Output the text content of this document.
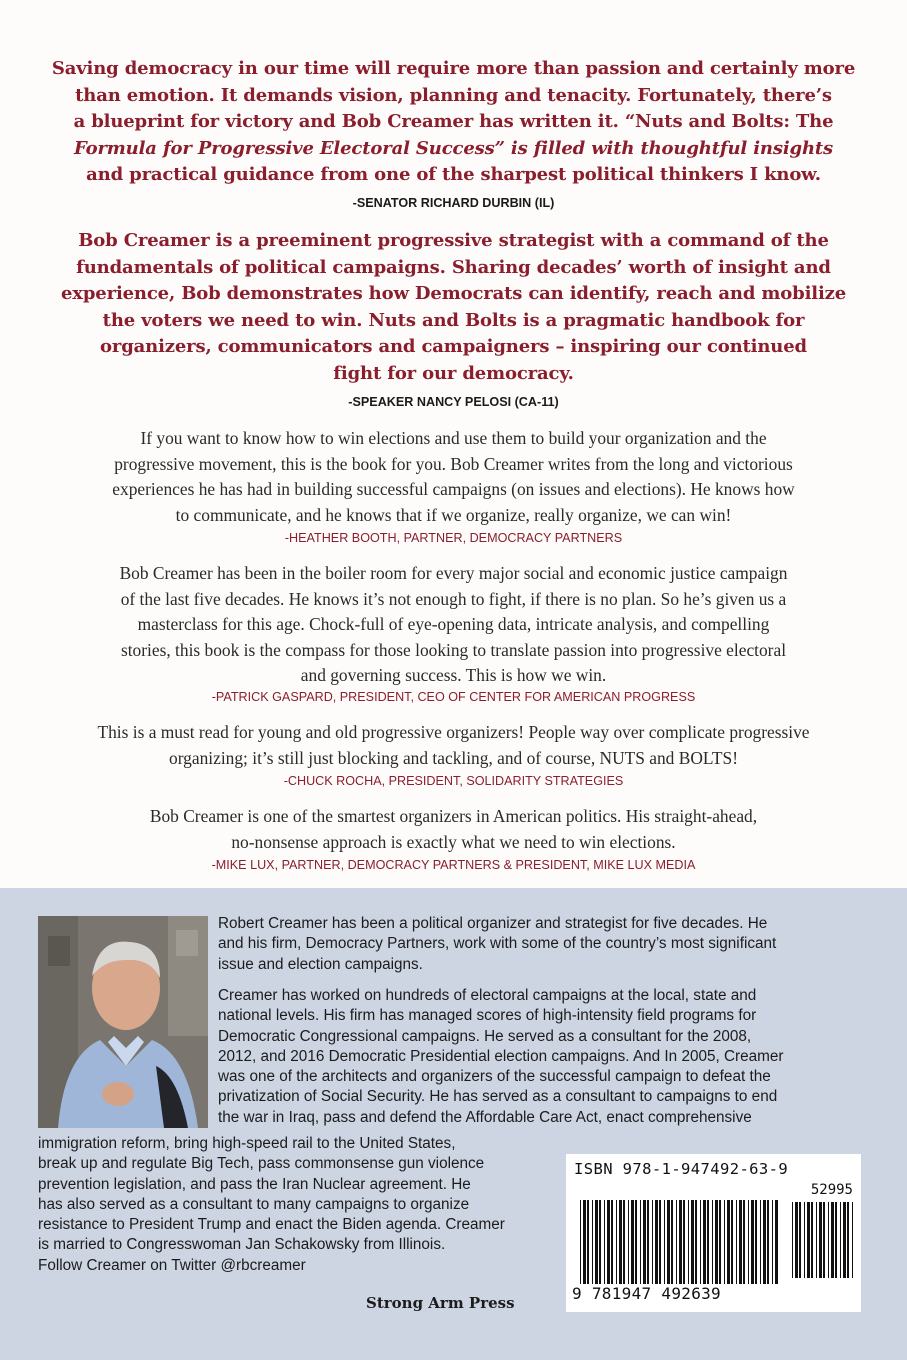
Saving democracy in our time will require more than passion and certainly more
than emotion. It demands vision, planning and tenacity. Fortunately, there’s
a blueprint for victory and Bob Creamer has written it. “Nuts and Bolts: The
Formula for Progressive Electoral Success” is filled with thoughtful insights
and practical guidance from one of the sharpest political thinkers I know.
-SENATOR RICHARD DURBIN (IL)
Bob Creamer is a preeminent progressive strategist with a command of the
fundamentals of political campaigns. Sharing decades’ worth of insight and
experience, Bob demonstrates how Democrats can identify, reach and mobilize
the voters we need to win. Nuts and Bolts is a pragmatic handbook for
organizers, communicators and campaigners – inspiring our continued
fight for our democracy.
-SPEAKER NANCY PELOSI (CA-11)
If you want to know how to win elections and use them to build your organization and the
progressive movement, this is the book for you. Bob Creamer writes from the long and victorious
experiences he has had in building successful campaigns (on issues and elections). He knows how
to communicate, and he knows that if we organize, really organize, we can win!
-HEATHER BOOTH, PARTNER, DEMOCRACY PARTNERS
Bob Creamer has been in the boiler room for every major social and economic justice campaign
of the last five decades. He knows it’s not enough to fight, if there is no plan. So he’s given us a
masterclass for this age. Chock-full of eye-opening data, intricate analysis, and compelling
stories, this book is the compass for those looking to translate passion into progressive electoral
and governing success. This is how we win.
-PATRICK GASPARD, PRESIDENT, CEO OF CENTER FOR AMERICAN PROGRESS
This is a must read for young and old progressive organizers! People way over complicate progressive
organizing; it’s still just blocking and tackling, and of course, NUTS and BOLTS!
-CHUCK ROCHA, PRESIDENT, SOLIDARITY STRATEGIES
Bob Creamer is one of the smartest organizers in American politics. His straight-ahead,
no-nonsense approach is exactly what we need to win elections.
-MIKE LUX, PARTNER, DEMOCRACY PARTNERS & PRESIDENT, MIKE LUX MEDIA
Robert Creamer has been a political organizer and strategist for five decades. He
and his firm, Democracy Partners, work with some of the country’s most significant
issue and election campaigns.
Creamer has worked on hundreds of electoral campaigns at the local, state and
national levels. His firm has managed scores of high-intensity field programs for
Democratic Congressional campaigns. He served as a consultant for the 2008,
2012, and 2016 Democratic Presidential election campaigns. And In 2005, Creamer
was one of the architects and organizers of the successful campaign to defeat the
privatization of Social Security. He has served as a consultant to campaigns to end
the war in Iraq, pass and defend the Affordable Care Act, enact comprehensive
immigration reform, bring high-speed rail to the United States,
break up and regulate Big Tech, pass commonsense gun violence
prevention legislation, and pass the Iran Nuclear agreement. He
has also served as a consultant to many campaigns to organize
resistance to President Trump and enact the Biden agenda. Creamer
is married to Congresswoman Jan Schakowsky from Illinois.
Follow Creamer on Twitter @rbcreamer
Strong Arm Press
ISBN 978-1-947492-63-9
52995
9 781947 492639
